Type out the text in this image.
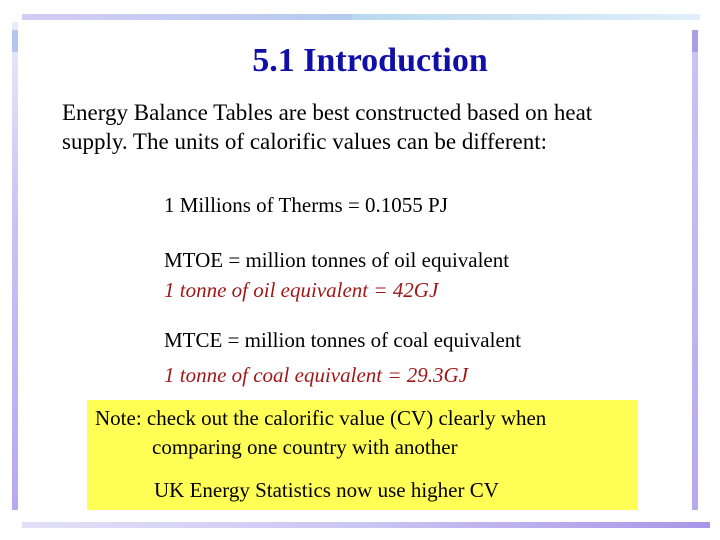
5.1 Introduction
Energy Balance Tables are best constructed based on heat
supply. The units of calorific values can be different:
1 Millions of Therms = 0.1055 PJ
MTOE = million tonnes of oil equivalent
1 tonne of oil equivalent = 42GJ
MTCE = million tonnes of coal equivalent
1 tonne of coal equivalent = 29.3GJ
Note: check out the calorific value (CV) clearly when
comparing one country with another
UK Energy Statistics now use higher CV
